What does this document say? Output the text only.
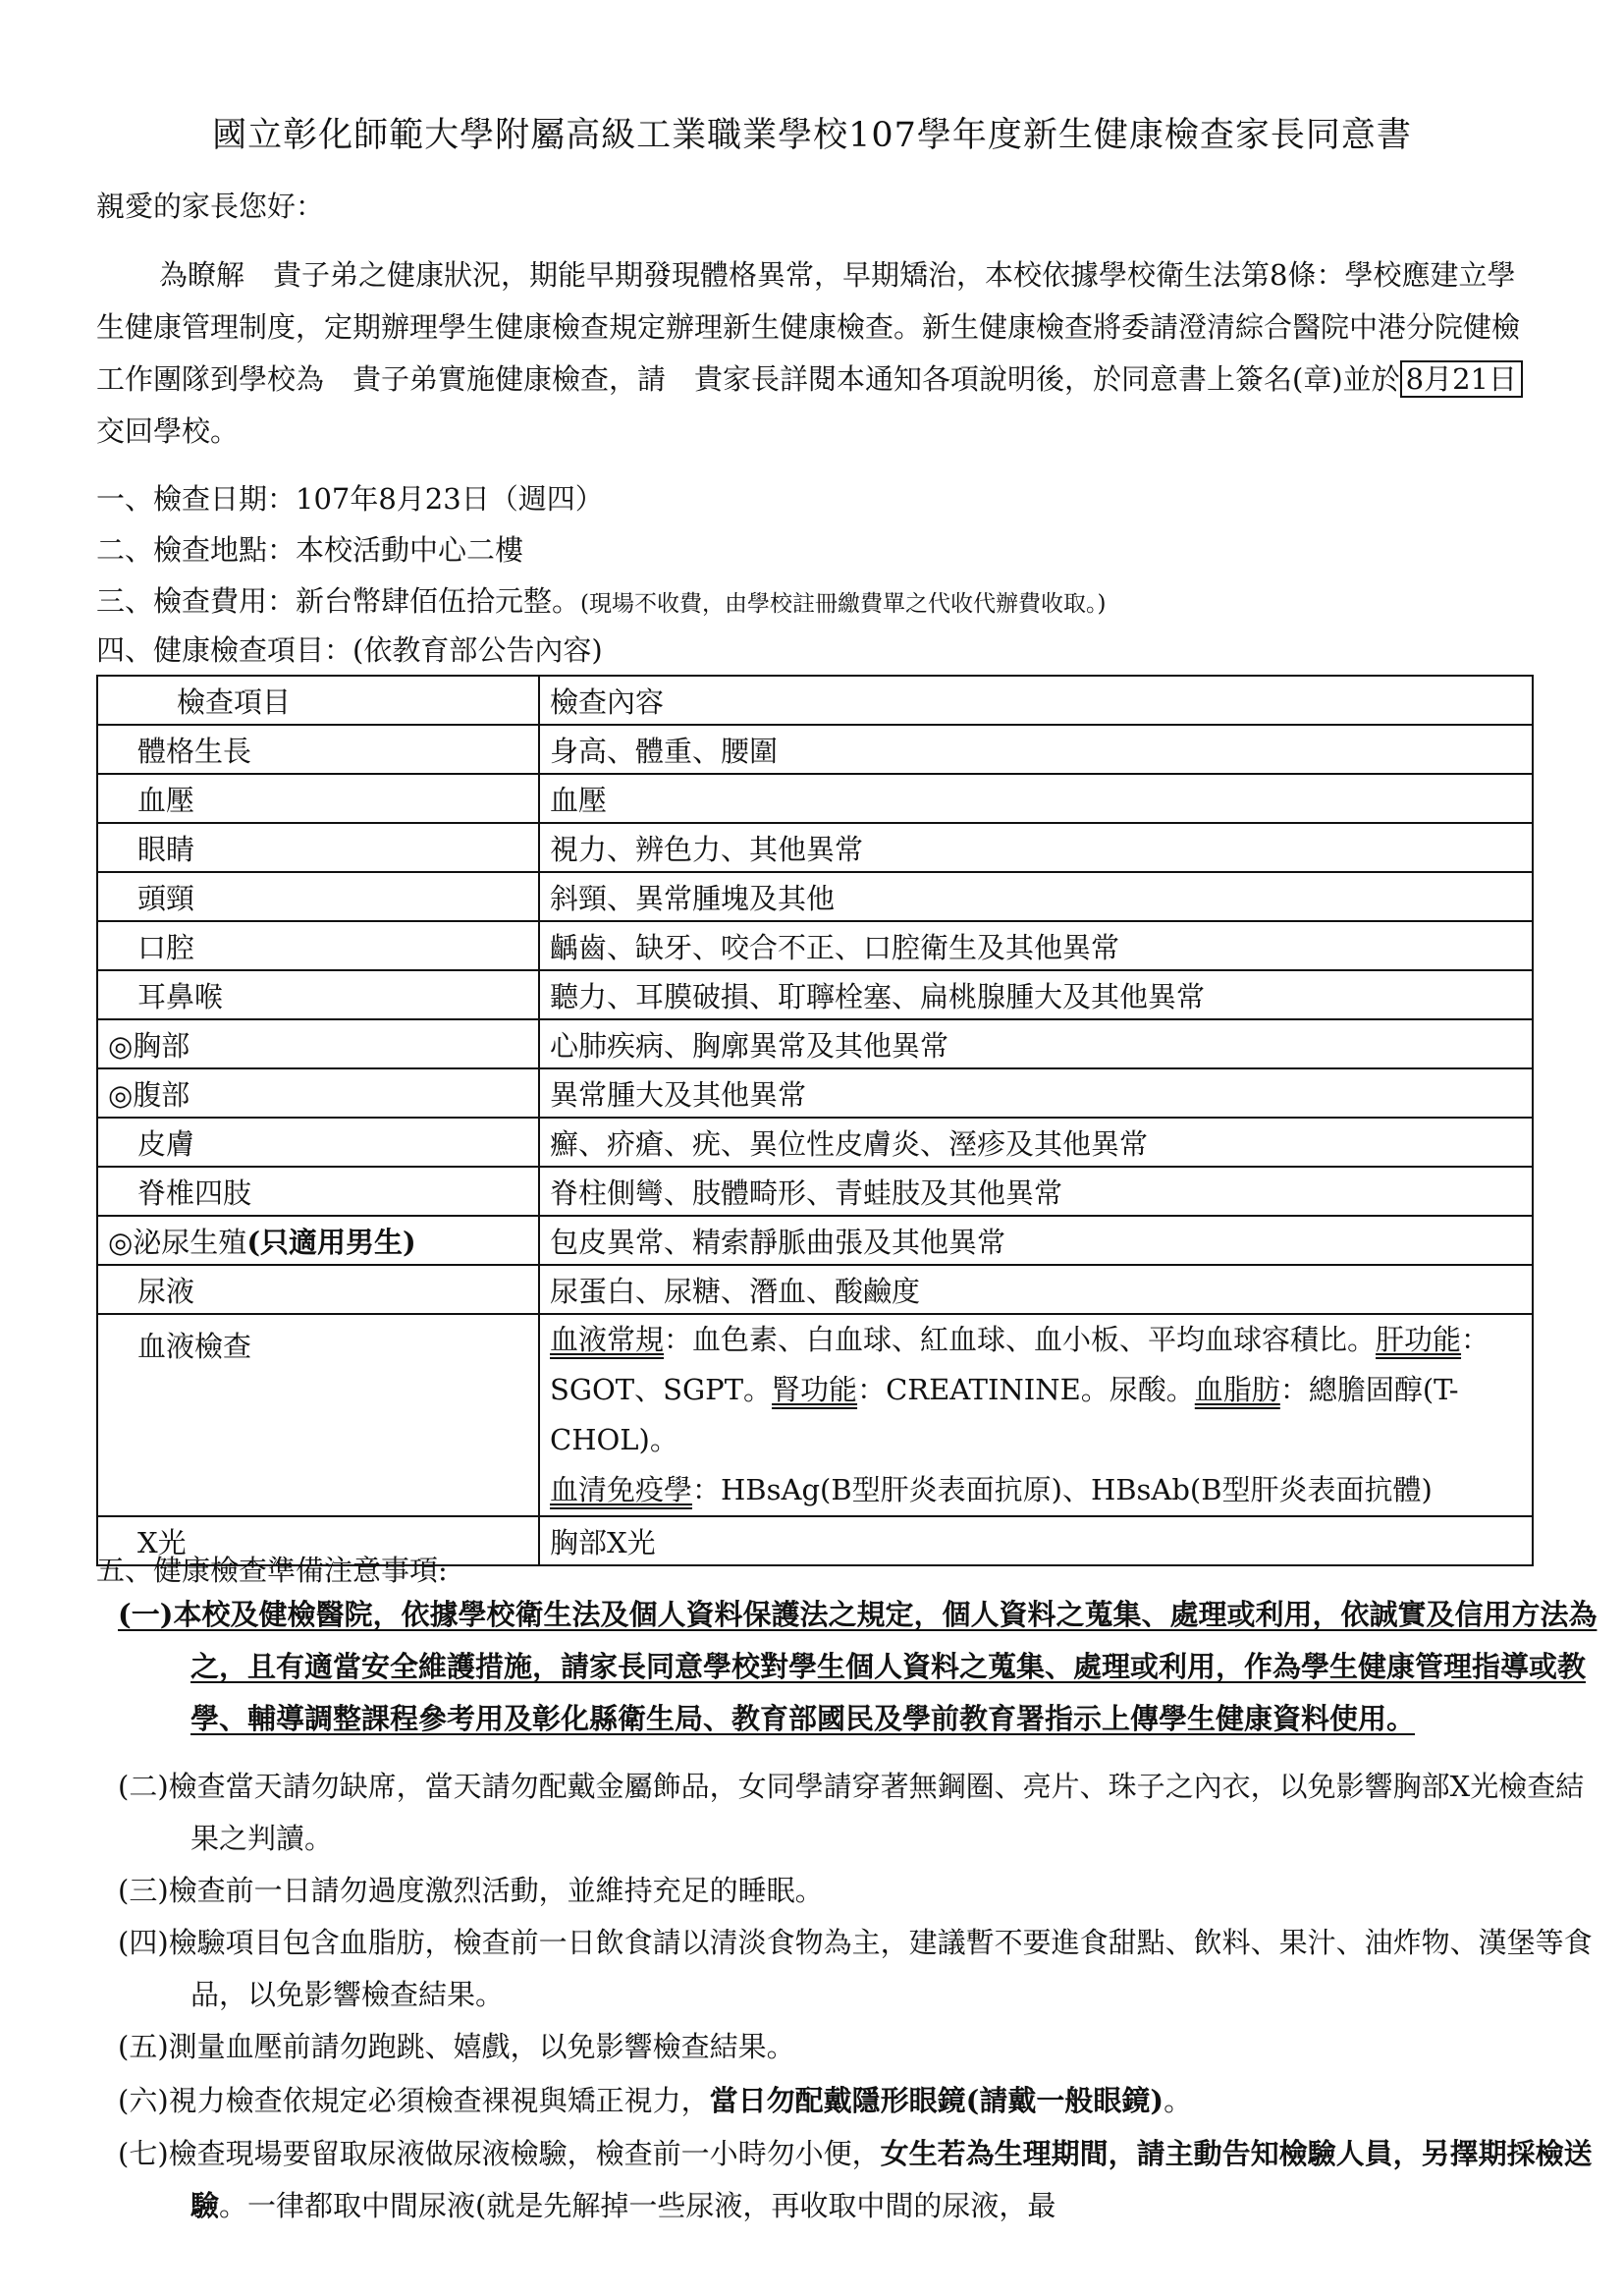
國立彰化師範大學附屬高級工業職業學校107學年度新生健康檢查家長同意書
親愛的家長您好：
為瞭解　貴子弟之健康狀況，期能早期發現體格異常，早期矯治，本校依據學校衛生法第8條：學校應建立學生健康管理制度，定期辦理學生健康檢查規定辦理新生健康檢查。新生健康檢查將委請澄清綜合醫院中港分院健檢工作團隊到學校為　貴子弟實施健康檢查，請　貴家長詳閱本通知各項說明後，於同意書上簽名(章)並於 8月21日交回學校。
一、檢查日期：107年8月23日（週四）
二、檢查地點：本校活動中心二樓
三、檢查費用：新台幣肆佰伍拾元整。(現場不收費，由學校註冊繳費單之代收代辦費收取。)
四、健康檢查項目：(依教育部公告內容)
檢查項目	檢查內容
體格生長	身高、體重、腰圍
血壓	血壓
眼睛	視力、辨色力、其他異常
頭頸	斜頸、異常腫塊及其他
口腔	齲齒、缺牙、咬合不正、口腔衛生及其他異常
耳鼻喉	聽力、耳膜破損、耵聹栓塞、扁桃腺腫大及其他異常
◎胸部	心肺疾病、胸廓異常及其他異常
◎腹部	異常腫大及其他異常
皮膚	癬、疥瘡、疣、異位性皮膚炎、溼疹及其他異常
脊椎四肢	脊柱側彎、肢體畸形、青蛙肢及其他異常
◎泌尿生殖(只適用男生)	包皮異常、精索靜脈曲張及其他異常
尿液	尿蛋白、尿糖、潛血、酸鹼度
血液檢查	血液常規：血色素、白血球、紅血球、血小板、平均血球容積比。肝功能：SGOT、SGPT。腎功能：CREATININE。尿酸。血脂肪：總膽固醇(T-CHOL)。
血清免疫學：HBsAg(B型肝炎表面抗原)、HBsAb(B型肝炎表面抗體)
X光	胸部X光
五、健康檢查準備注意事項:
(一)本校及健檢醫院，依據學校衛生法及個人資料保護法之規定，個人資料之蒐集、處理或利用，依誠實及信用方法為之，且有適當安全維護措施，請家長同意學校對學生個人資料之蒐集、處理或利用，作為學生健康管理指導或教學、輔導調整課程參考用及彰化縣衛生局、教育部國民及學前教育署指示上傳學生健康資料使用。
(二)檢查當天請勿缺席，當天請勿配戴金屬飾品，女同學請穿著無鋼圈、亮片、珠子之內衣，以免影響胸部X光檢查結果之判讀。
(三)檢查前一日請勿過度激烈活動，並維持充足的睡眠。
(四)檢驗項目包含血脂肪，檢查前一日飲食請以清淡食物為主，建議暫不要進食甜點、飲料、果汁、油炸物、漢堡等食品，以免影響檢查結果。
(五)測量血壓前請勿跑跳、嬉戲，以免影響檢查結果。
(六)視力檢查依規定必須檢查裸視與矯正視力，當日勿配戴隱形眼鏡(請戴一般眼鏡)。
(七)檢查現場要留取尿液做尿液檢驗，檢查前一小時勿小便，女生若為生理期間，請主動告知檢驗人員，另擇期採檢送驗。一律都取中間尿液(就是先解掉一些尿液，再收取中間的尿液，最
